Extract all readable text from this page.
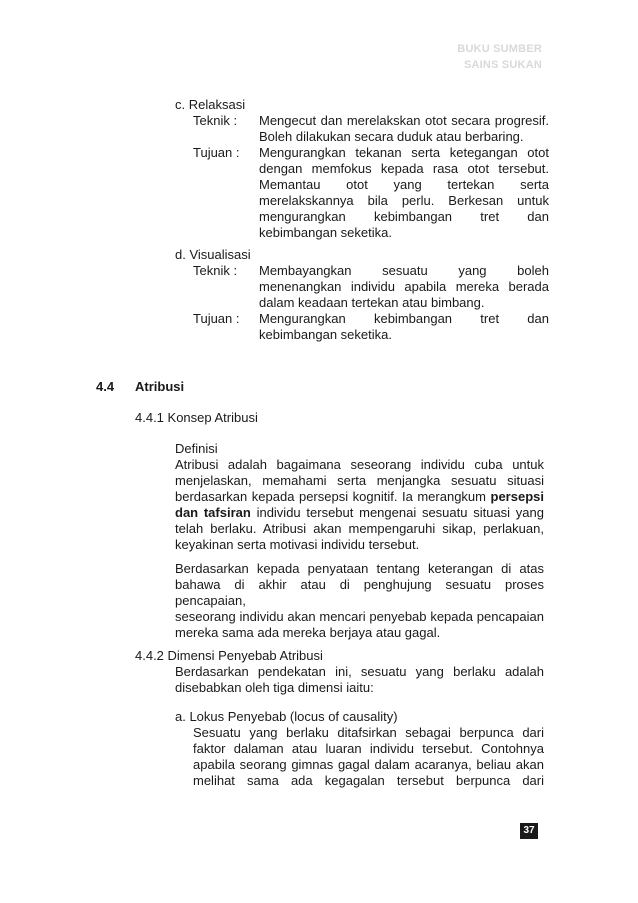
BUKU SUMBER
SAINS SUKAN
c. Relaksasi
Teknik :	Mengecut dan merelakskan otot secara progresif.
Boleh dilakukan secara duduk atau berbaring.
Tujuan :	Mengurangkan tekanan serta ketegangan otot
dengan memfokus kepada rasa otot tersebut.
Memantau otot yang tertekan serta
merelakskannya bila perlu. Berkesan untuk
mengurangkan kebimbangan tret dan
kebimbangan seketika.
d. Visualisasi
Teknik :	Membayangkan sesuatu yang boleh
menenangkan individu apabila mereka berada
dalam keadaan tertekan atau bimbang.
Tujuan :	Mengurangkan kebimbangan tret dan
kebimbangan seketika.
4.4 Atribusi
4.4.1 Konsep Atribusi
Definisi
Atribusi adalah bagaimana seseorang individu cuba untuk
menjelaskan, memahami serta menjangka sesuatu situasi
berdasarkan kepada persepsi kognitif. Ia merangkum persepsi
dan tafsiran individu tersebut mengenai sesuatu situasi yang
telah berlaku. Atribusi akan mempengaruhi sikap, perlakuan,
keyakinan serta motivasi individu tersebut.
Berdasarkan kepada penyataan tentang keterangan di atas
bahawa di akhir atau di penghujung sesuatu proses pencapaian,
seseorang individu akan mencari penyebab kepada pencapaian
mereka sama ada mereka berjaya atau gagal.
4.4.2 Dimensi Penyebab Atribusi
Berdasarkan pendekatan ini, sesuatu yang berlaku adalah
disebabkan oleh tiga dimensi iaitu:
a. Lokus Penyebab (locus of causality)
Sesuatu yang berlaku ditafsirkan sebagai berpunca dari
faktor dalaman atau luaran individu tersebut. Contohnya
apabila seorang gimnas gagal dalam acaranya, beliau akan
melihat sama ada kegagalan tersebut berpunca dari
37
